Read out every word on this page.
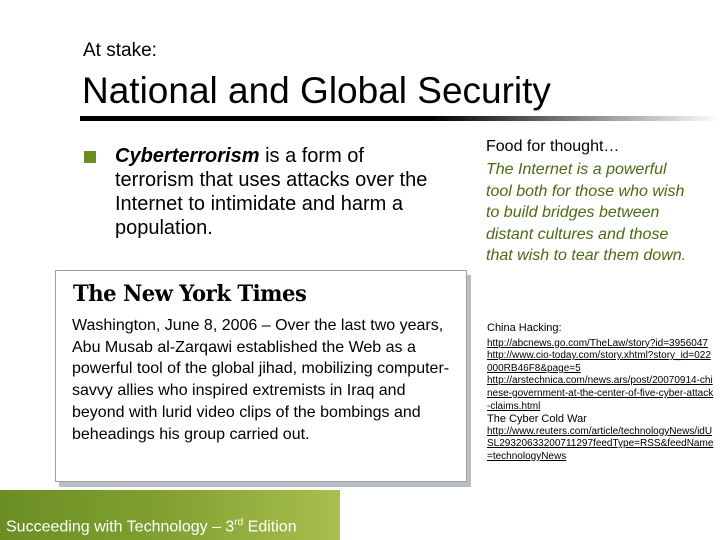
At stake:
National and Global Security
Cyberterrorism is a form of terrorism that uses attacks over the Internet to intimidate and harm a population.
The New York Times
Washington, June 8, 2006 – Over the last two years, Abu Musab al-Zarqawi established the Web as a powerful tool of the global jihad, mobilizing computer-savvy allies who inspired extremists in Iraq and beyond with lurid video clips of the bombings and beheadings his group carried out.
Food for thought…
The Internet is a powerful tool both for those who wish to build bridges between distant cultures and those that wish to tear them down.
China Hacking:
http://abcnews.go.com/TheLaw/story?id=3956047
http://www.cio-today.com/story.xhtml?story_id=022000RB46F8&page=5
http://arstechnica.com/news.ars/post/20070914-chinese-government-at-the-center-of-five-cyber-attack-claims.html
The Cyber Cold War
http://www.reuters.com/article/technologyNews/idUSL29320633200711297feedType=RSS&feedName=technologyNews
Succeeding with Technology – 3rd Edition
